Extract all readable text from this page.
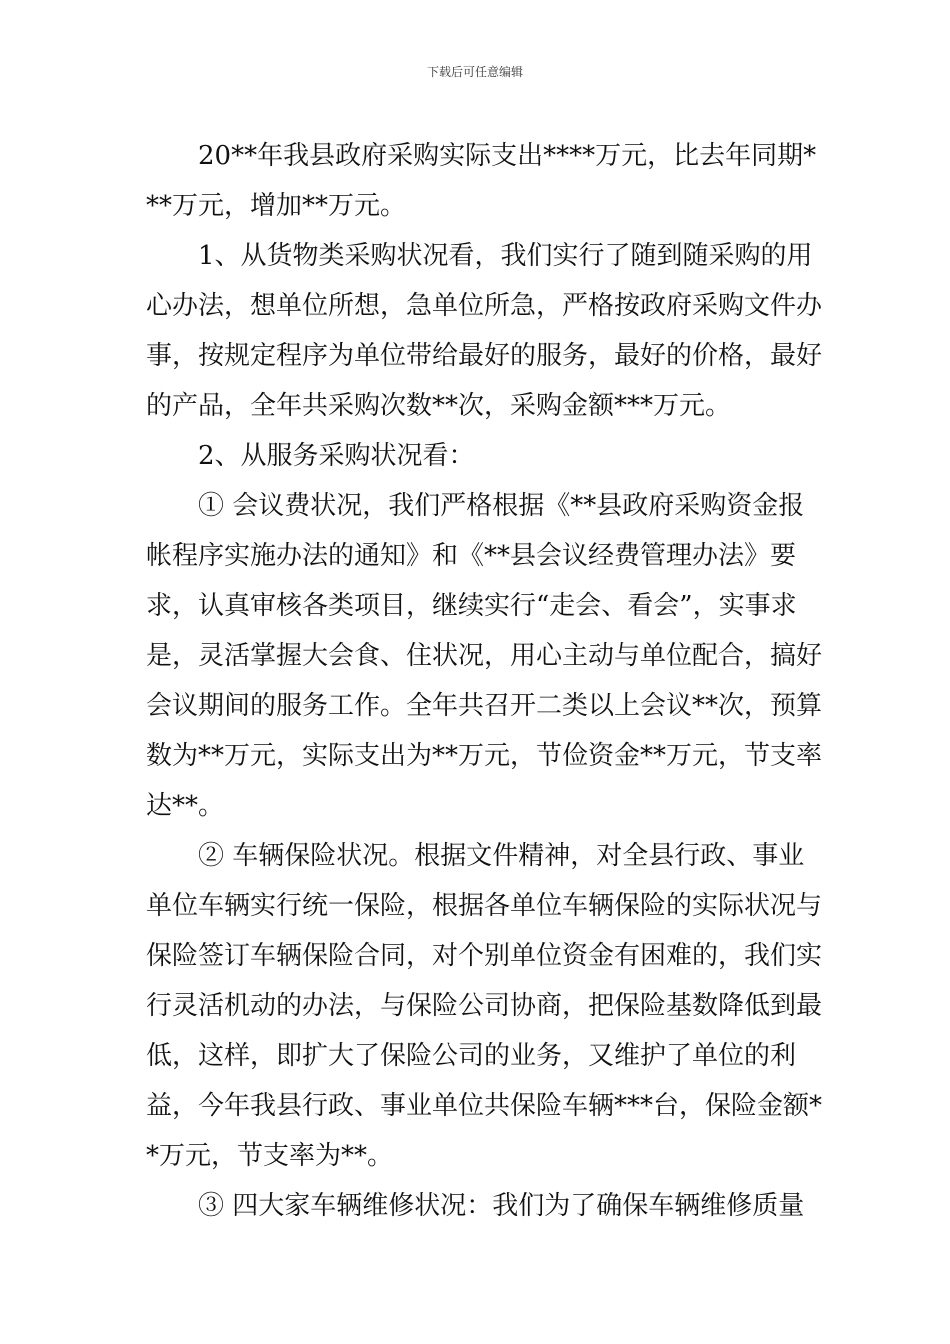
下载后可任意编辑

20**年我县政府采购实际支出****万元，比去年同期***万元，增加**万元。

1、从货物类采购状况看，我们实行了随到随采购的用心办法，想单位所想，急单位所急，严格按政府采购文件办事，按规定程序为单位带给最好的服务，最好的价格，最好的产品，全年共采购次数**次，采购金额***万元。

2、从服务采购状况看：

① 会议费状况，我们严格根据《**县政府采购资金报帐程序实施办法的通知》和《**县会议经费管理办法》要求，认真审核各类项目，继续实行“走会、看会”，实事求是，灵活掌握大会食、住状况，用心主动与单位配合，搞好会议期间的服务工作。全年共召开二类以上会议**次，预算数为**万元，实际支出为**万元，节俭资金**万元，节支率达**。

② 车辆保险状况。根据文件精神，对全县行政、事业单位车辆实行统一保险，根据各单位车辆保险的实际状况与保险签订车辆保险合同，对个别单位资金有困难的，我们实行灵活机动的办法，与保险公司协商，把保险基数降低到最低，这样，即扩大了保险公司的业务，又维护了单位的利益，今年我县行政、事业单位共保险车辆***台，保险金额**万元，节支率为**。

③ 四大家车辆维修状况：我们为了确保车辆维修质量
